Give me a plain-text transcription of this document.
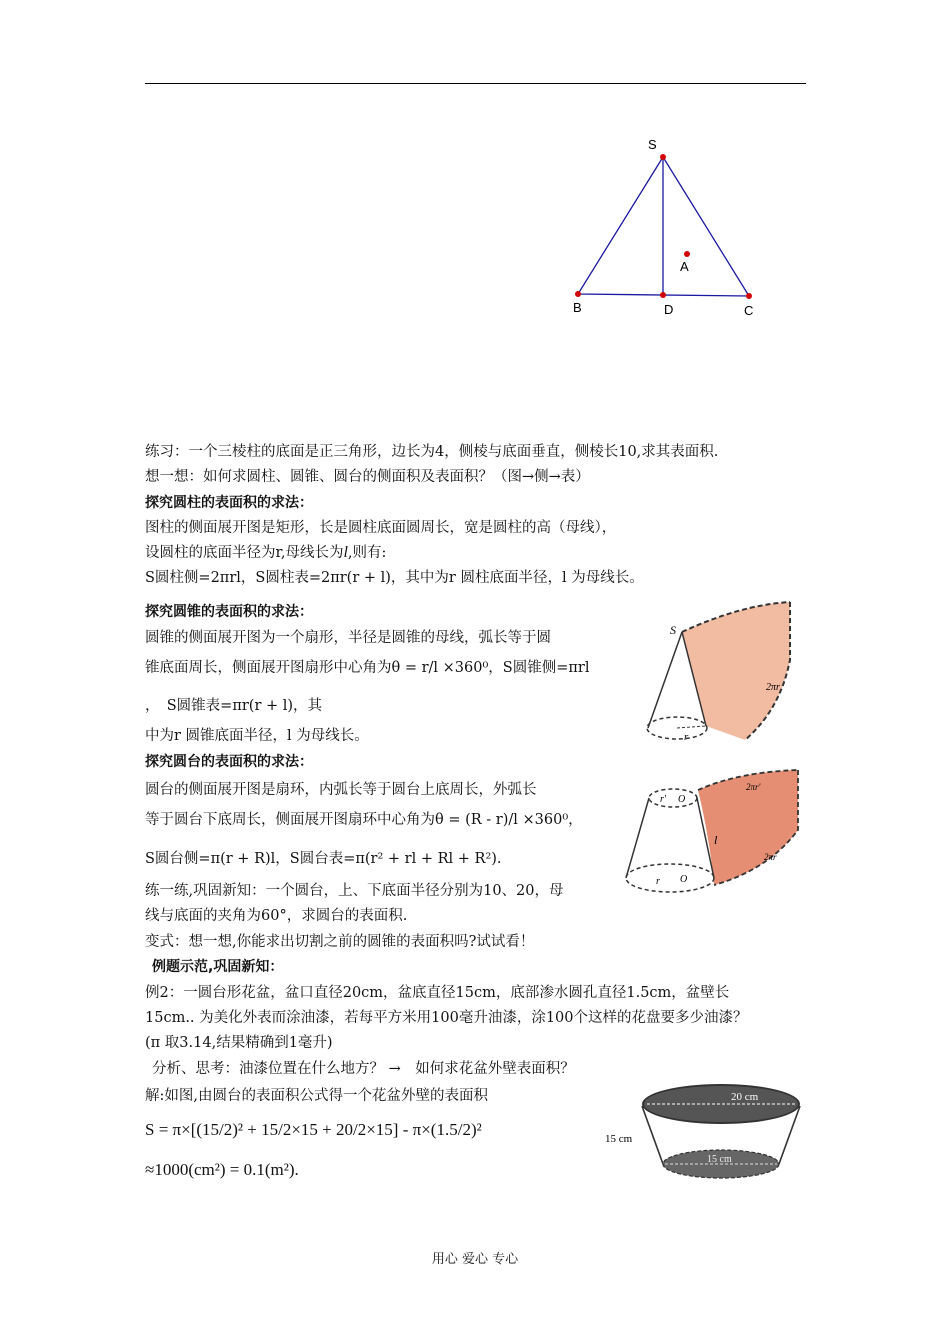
S
A
B	D	C
练习：一个三棱柱的底面是正三角形，边长为4，侧棱与底面垂直，侧棱长10,求其表面积.
想一想：如何求圆柱、圆锥、圆台的侧面积及表面积？（图→侧→表）
探究圆柱的表面积的求法：
图柱的侧面展开图是矩形，长是圆柱底面圆周长，宽是圆柱的高（母线），
设圆柱的底面半径为r,母线长为l,则有:
S圆柱侧=2πrl，S圆柱表=2πr(r + l)，其中为r 圆柱底面半径，l 为母线长。
探究圆锥的表面积的求法：
圆锥的侧面展开图为一个扇形，半径是圆锥的母线，弧长等于圆
锥底面周长，侧面展开图扇形中心角为θ = r/l ×360⁰，S圆锥侧=πrl
，　S圆锥表=πr(r + l)，其
中为r 圆锥底面半径，l 为母线长。
S
2πr
r
探究圆台的表面积的求法：
圆台的侧面展开图是扇环，内弧长等于圆台上底周长，外弧长
等于圆台下底周长，侧面展开图扇环中心角为θ = (R - r)/l ×360⁰，
S圆台侧=π(r + R)l，S圆台表=π(r² + rl + Rl + R²).
r' O
r O
l
2πr'
2πr
练一练,巩固新知：一个圆台，上、下底面半径分别为10、20，母
线与底面的夹角为60°，求圆台的表面积.
变式：想一想,你能求出切割之前的圆锥的表面积吗?试试看！
例题示范,巩固新知：
例2：一圆台形花盆，盆口直径20cm，盆底直径15cm，底部渗水圆孔直径1.5cm，盆壁长
15cm.. 为美化外表而涂油漆，若每平方米用100毫升油漆，涂100个这样的花盘要多少油漆？
(π 取3.14,结果精确到1毫升)
分析、思考：油漆位置在什么地方？ →　如何求花盆外壁表面积？
解:如图,由圆台的表面积公式得一个花盆外壁的表面积
S = π×[(15/2)² + 15/2×15 + 20/2×15] - π×(1.5/2)²
≈1000(cm²) = 0.1(m²).
20 cm
15 cm
15 cm
用心 爱心 专心
